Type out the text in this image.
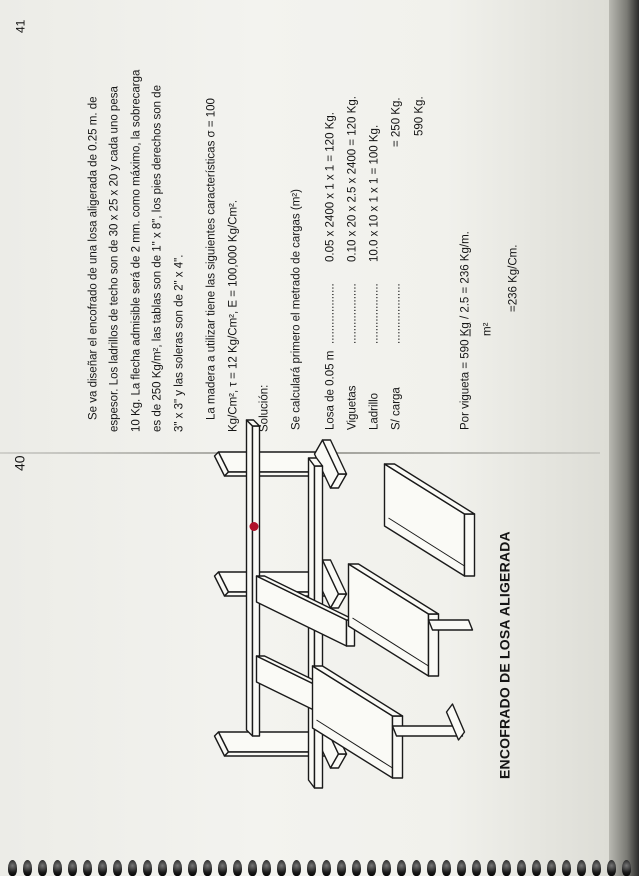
40
ENCOFRADO DE LOSA ALIGERADA
41
Se va diseñar el encofrado de una losa aligerada de 0.25 m. de espesor. Los ladrillos de techo son de 30 x 25 x 20 y cada uno pesa 10 Kg. La flecha admisible será de 2 mm. como máximo, la sobrecarga es de 250 Kg/m², las tablas son de 1" x 8", los pies derechos son de 3" x 3" y las soleras son de 2" x 4". La madera a utilizar tiene las siguientes características σ = 100 Kg/Cm², τ = 12 Kg/Cm², E = 100,000 Kg/Cm². Solución: Se calculará primero el metrado de cargas (m²) Losa de 0.05 m
...................
0.05 x 2400 x 1 x 1 = 120 Kg.
Viguetas
...................
0.10 x 20 x 2.5 x 2400 = 120 Kg.
Ladrillo
...................
10.0 x 10 x 1 x 1 = 100 Kg.
S/ carga
...................
= 250 Kg. 590 Kg.
Por vigueta = 590 Kg / 2.5 = 236 Kg/m.
m²
=236 Kg/Cm.
